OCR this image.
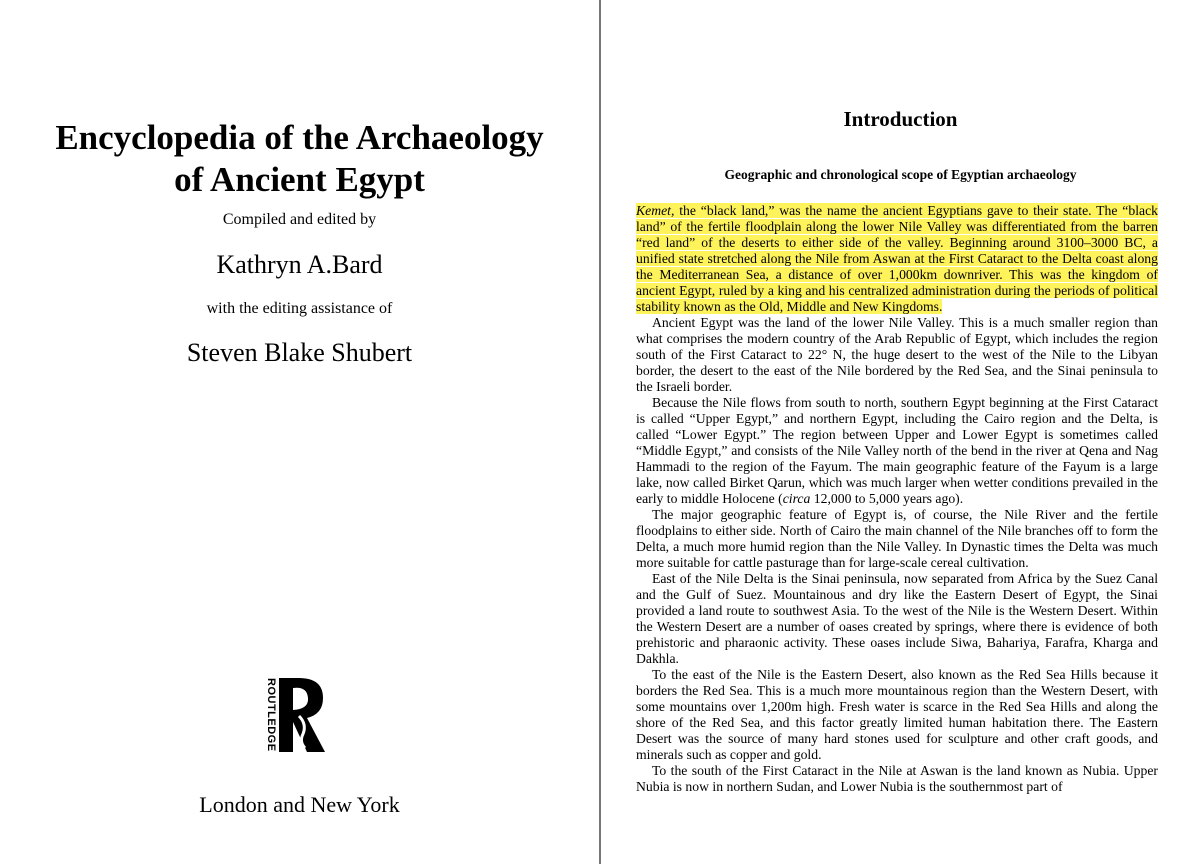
Encyclopedia of the Archaeology
of Ancient Egypt
Compiled and edited by
Kathryn A.Bard
with the editing assistance of
Steven Blake Shubert
ROUTLEDGE
London and New York
Introduction
Geographic and chronological scope of Egyptian archaeology

Kemet, the “black land,” was the name the ancient Egyptians gave to their state. The “black land” of the fertile floodplain along the lower Nile Valley was differentiated from the barren “red land” of the deserts to either side of the valley. Beginning around 3100–3000 BC, a unified state stretched along the Nile from Aswan at the First Cataract to the Delta coast along the Mediterranean Sea, a distance of over 1,000km downriver. This was the kingdom of ancient Egypt, ruled by a king and his centralized administration during the periods of political stability known as the Old, Middle and New Kingdoms.

Ancient Egypt was the land of the lower Nile Valley. This is a much smaller region than what comprises the modern country of the Arab Republic of Egypt, which includes the region south of the First Cataract to 22° N, the huge desert to the west of the Nile to the Libyan border, the desert to the east of the Nile bordered by the Red Sea, and the Sinai peninsula to the Israeli border.

Because the Nile flows from south to north, southern Egypt beginning at the First Cataract is called “Upper Egypt,” and northern Egypt, including the Cairo region and the Delta, is called “Lower Egypt.” The region between Upper and Lower Egypt is sometimes called “Middle Egypt,” and consists of the Nile Valley north of the bend in the river at Qena and Nag Hammadi to the region of the Fayum. The main geographic feature of the Fayum is a large lake, now called Birket Qarun, which was much larger when wetter conditions prevailed in the early to middle Holocene (circa 12,000 to 5,000 years ago).

The major geographic feature of Egypt is, of course, the Nile River and the fertile floodplains to either side. North of Cairo the main channel of the Nile branches off to form the Delta, a much more humid region than the Nile Valley. In Dynastic times the Delta was much more suitable for cattle pasturage than for large-scale cereal cultivation.

East of the Nile Delta is the Sinai peninsula, now separated from Africa by the Suez Canal and the Gulf of Suez. Mountainous and dry like the Eastern Desert of Egypt, the Sinai provided a land route to southwest Asia. To the west of the Nile is the Western Desert. Within the Western Desert are a number of oases created by springs, where there is evidence of both prehistoric and pharaonic activity. These oases include Siwa, Bahariya, Farafra, Kharga and Dakhla.

To the east of the Nile is the Eastern Desert, also known as the Red Sea Hills because it borders the Red Sea. This is a much more mountainous region than the Western Desert, with some mountains over 1,200m high. Fresh water is scarce in the Red Sea Hills and along the shore of the Red Sea, and this factor greatly limited human habitation there. The Eastern Desert was the source of many hard stones used for sculpture and other craft goods, and minerals such as copper and gold.

To the south of the First Cataract in the Nile at Aswan is the land known as Nubia. Upper Nubia is now in northern Sudan, and Lower Nubia is the southernmost part of
